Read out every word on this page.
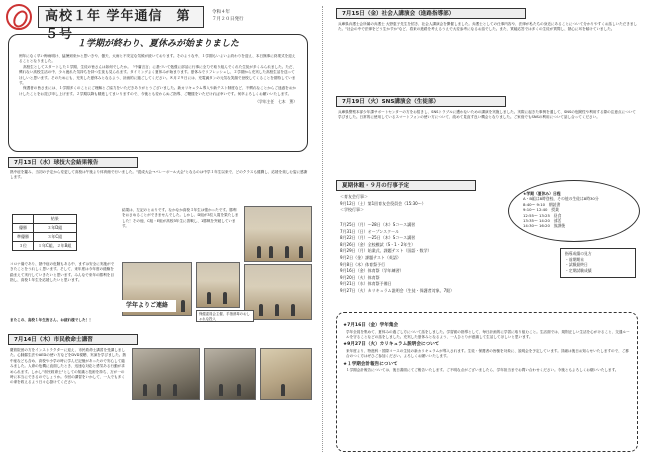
高校１年 学年通信　第５号
令和４年
７月２０日発行
１学期が終わり、夏休みが始まりました

例年になく早い梅雨明け、猛暑到来かと思いきや、曇天、大雨と不安定な気候が続いております。そのような中、１学期もいよいよ終わりを迎え、本日無事に終業式を迎えることとなりました。

高校生としてスタートした１学期、生徒の皆さんは如何でしたか。「中庸言言」に基づいて勉強に部活に行事に全力で取り組んでくれた生徒が多くみられました。ただ、慣れない高校生活の中、少々疲れた気持ちを持つ生徒も見られます。タイミングよく夏休みが始まります。夏休みでリフレッシュし、２学期から充実した高校生活を送ってほしいと思います。そのためにも、充実した夏休みとなるよう、計画的に過ごしてください。８月２９日には、充電満タンの元気な笑顔で登校してくることを期待しています。

保護者の皆さまには、１学期多くのことにご理解とご協力をいただきありがとうございました。新カリキュラム導入や新テスト制度など、不慣れなことからご迷惑をおかけしたことをお詫び申し上げます。２学期以降も精進してまいりますので、今後とも変わらぬご指導、ご鞭撻をいただければ幸いです。何卒よろしくお願いいたします。

（学年主任　七木　薫）
7月13日（水）球技大会結果報告
熱中症を鑑み、当初の予定から変更して高校は午後より体育館で行いました。"混成大会→バレーボール大会"となるのは中学１年生以来で、どのクラスも健闘し、応援を楽しむ姿に感謝します。
	結果
優勝	３年D組
準優勝	３年C組
３位	１年C組、２年B組
結果は、左記のとおりです。なかなか高校３年生は強かったです。勝利をおさめることができませんでした。しかし、D組が3位入賞を果たしました！その他、C組・E組が高校3年生に善戦し、1勝戦を突破しています。
コロナ禍であり、熱中症の危険もある中、まずは安全に実施ができたことをうれしく思います。そして、来年度は今年度の経験を踏まえて実行していきたいと思います。みんなで来年の勝利を目指し、高校１年生を応援したいと思います。
またこの、高校１年生皆さん、お疲れ様でした！！
保健委員会主催、手指消毒のおしゃれな投入
7月14日（木）市民救命士講習
慶旅院団の方をインストラクターに迎え、市民救命士講習を受講しました。心肺蘇生法やAEDの使い方などをDVD視聴、実演を学びました。熱中症なども含め、高校や小学の時に学んだ記憶があったので安心して臨みました。人命の危機に直面したとき、迅速な対応と勇気ある行動が求められます。しかし"市民救命士"としての知識と技術を持ち、万が一の時に本当にできるのでしょうか。今回の講習をいかして、一人でも多くの命を救えるよう日々心掛けてください。
7月15日（金）社会人講演会（進路指導部）
兵庫県弁護士会所属の弁護士 大野恵子先生を招き、社会人講演会を開催しました。弁護士としての仕事内容や、法律が私たちの身近にあることについて分かりやすくお話しいただきました。"社会の中で法律をどう生かすか"など、将来の進路を考えるうえで大変参考になるお話でした。また、質疑応答では多くの生徒が質問し、熱心に耳を傾けていました。
7月19日（火）SNS講演会（生徒部）
兵庫県警察本部少年課サポートセンターの方をお招きし、SNSトラブルに遭わないための講演を実施しました。実際に起きた事例を通して、SNSの危険性や利用する際の注意点について学びました。日常的に使用しているスマートフォンの使い方について、改めて見直す良い機会となりました。ご家庭でもSNSの利用について話し合ってください。
夏期休暇・９月の行事予定
＜育友会行事＞
9月12日（土）第1回育友会役員会（15:30～）
＜学校行事＞
7月25日（月）～28日（木）Sコース講習
7月31日（日）オープンスクール
8月22日（月）～25日（木）Sコース講習
8月26日（金）全校模試（S・1・2年生）
8月29日（月）始業式、課題テスト（国語・数学）
9月2日（金）課題テスト（英語）
9月8日（木）体育祭予行
9月16日（金）体育祭（学年練習）
9月20日（火）体育祭
9月21日（水）体育祭予備日
9月27日（火）カリキュラム説明会（生徒・保護者対象、7限）
★学期（夏休み）日程
A・B組は8時登校、その他の生徒は8時30分
8:40～ 9:10　朝読書
9:10～ 12:40　授業
12:55～ 13:25　昼食
13:35～ 14:20　部活
14:30～ 16:20　放課後
指導成績の見方
・前期期末
・試験最終日
・定期試験成績
★7月16日（金）学年集会
学年全員を集めて、夏休みの過ごし方について話をしました。学習面の指導として、毎日計画的に学習に取り組むこと。生活面では、規則正しい生活を心がけること、交通ルールを守ることなどの話をしました。充実した夏休みとなるよう、一人ひとりが意識して生活してほしいと思います。
★9月27日（火）カリキュラム説明会について
来年度より、特進科・国際コースの生徒の新カリキュラムが導入されます。生徒・保護者の皆様を対象に、説明会を予定しています。詳細は後日お知らせいたしますので、ご都合のつく方はぜひご参加ください。よろしくお願いいたします。
★１学期会計報告について
１学期会計報告については、後日書面にてご報告いたします。ご不明な点がございましたら、学年担当までお問い合わせください。今後ともよろしくお願いいたします。
学年よりご連絡
